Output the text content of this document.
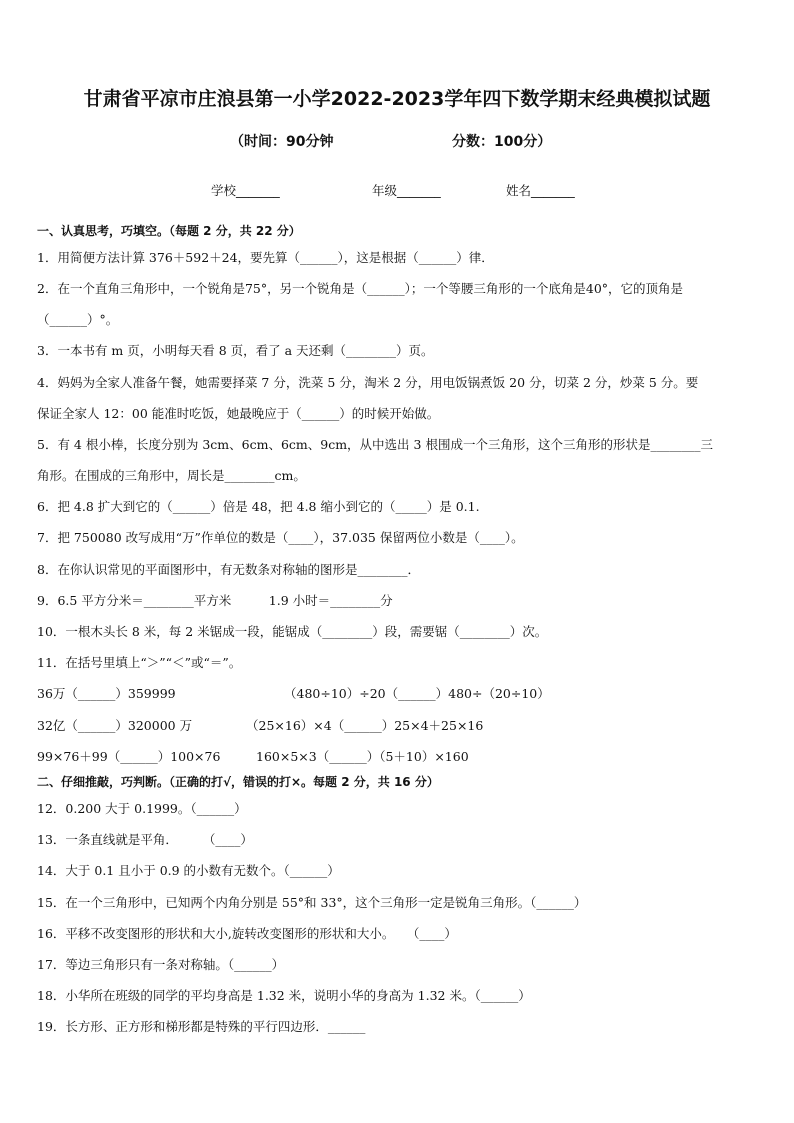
甘肃省平凉市庄浪县第一小学2022-2023学年四下数学期末经典模拟试题
（时间：90分钟	分数：100分）
学校_______	年级_______	姓名_______
一、认真思考，巧填空。（每题 2 分，共 22 分）
1．用简便方法计算 376＋592＋24，要先算（______），这是根据（______）律．
2．在一个直角三角形中，一个锐角是75°，另一个锐角是（______）；一个等腰三角形的一个底角是40°，它的顶角是
（______）°。
3．一本书有 m 页，小明每天看 8 页，看了 a 天还剩（________）页。
4．妈妈为全家人准备午餐，她需要择菜 7 分，洗菜 5 分，淘米 2 分，用电饭锅煮饭 20 分，切菜 2 分，炒菜 5 分。要
保证全家人 12：00 能准时吃饭，她最晚应于（______）的时候开始做。
5．有 4 根小棒，长度分别为 3cm、6cm、6cm、9cm，从中选出 3 根围成一个三角形，这个三角形的形状是________三
角形。在围成的三角形中，周长是________cm。
6．把 4.8 扩大到它的（______）倍是 48，把 4.8 缩小到它的（_____）是 0.1.
7．把 750080 改写成用“万”作单位的数是（____），37.035 保留两位小数是（____）。
8．在你认识常见的平面图形中，有无数条对称轴的图形是________．
9．6.5 平方分米＝________平方米　　　1.9 小时＝________分
10．一根木头长 8 米，每 2 米锯成一段，能锯成（________）段，需要锯（________）次。
11．在括号里填上“＞”“＜”或“＝”。
36万（______）359999	（480÷10）÷20（______）480÷（20÷10）
32亿（______）320000 万	（25×16）×4（______）25×4＋25×16
99×76＋99（______）100×76	160×5×3（______）（5＋10）×160
二、仔细推敲，巧判断。（正确的打√，错误的打×。每题 2 分，共 16 分）
12．0.200 大于 0.1999。（______）
13．一条直线就是平角．　　　（____）
14．大于 0.1 且小于 0.9 的小数有无数个。（______）
15．在一个三角形中，已知两个内角分别是 55°和 33°，这个三角形一定是锐角三角形。（______）
16．平移不改变图形的形状和大小,旋转改变图形的形状和大小。　　（____）
17．等边三角形只有一条对称轴。（______）
18．小华所在班级的同学的平均身高是 1.32 米，说明小华的身高为 1.32 米。（______）
19．长方形、正方形和梯形都是特殊的平行四边形．______
